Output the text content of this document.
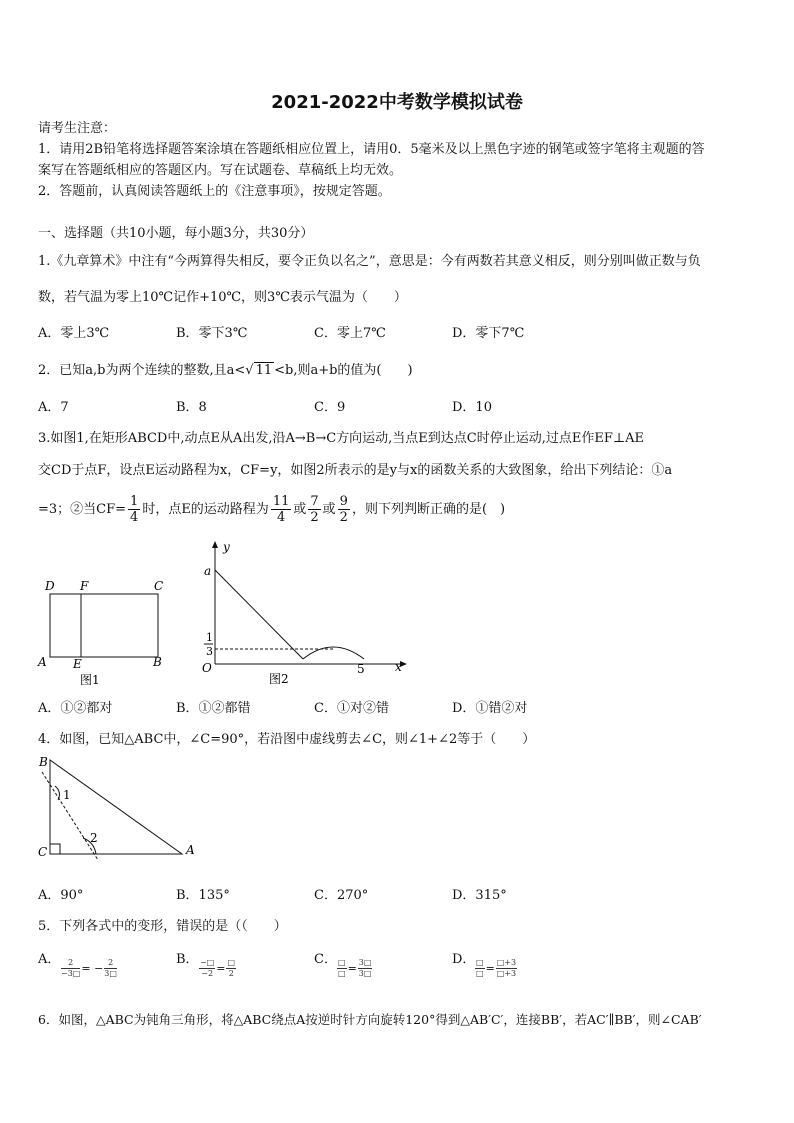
2021-2022中考数学模拟试卷
请考生注意：
1．请用2B铅笔将选择题答案涂填在答题纸相应位置上，请用0．5毫米及以上黑色字迹的钢笔或签字笔将主观题的答
案写在答题纸相应的答题区内。写在试题卷、草稿纸上均无效。
2．答题前，认真阅读答题纸上的《注意事项》，按规定答题。
一、选择题（共10小题，每小题3分，共30分）
1.《九章算术》中注有“今两算得失相反，要令正负以名之”，意思是：今有两数若其意义相反，则分别叫做正数与负
数，若气温为零上10℃记作+10℃，则3℃表示气温为（　　）
A．零上3℃	B．零下3℃	C．零上7℃	D．零下7℃
2．已知a,b为两个连续的整数,且a<√ 11 <b,则a+b的值为(　　)
A．7	B．8	C．9	D．10
3.如图1,在矩形ABCD中,动点E从A出发,沿A→B→C方向运动,当点E到达点C时停止运动,过点E作EF⊥AE
交CD于点F，设点E运动路程为x，CF=y，如图2所表示的是y与x的函数关系的大致图象，给出下列结论：①a
=3；②当$CF= \frac{1}{4}$ 时，点E的运动路程为 $\frac{11}{4}$ 或 $\frac{7}{2}$ 或 $\frac{9}{2}$ ，则下列判断正确的是(　)
D F	C
A E	B
图1
y
a
1
3
O	5	x
图2
A．①②都对	B．①②都错	C．①对②错	D．①错②对
4．如图，已知△ABC中，∠C=90°，若沿图中虚线剪去∠C，则∠1+∠2等于（　　）
B
1
2
C	A
A．90°	B．135°	C．270°	D．315°
5．下列各式中的变形，错误的是（（　　）
A． $\frac{2}{-3□}$ = − $\frac{2}{3□}$	B． −□
−2 = □
2
C． □
□ = $\frac{3□}{3□}$	D． □
□ = $\frac{□+3}{□+3}$
6．如图，△ABC为钝角三角形，将△ABC绕点A按逆时针方向旋转120°得到△AB′C′，连接BB′，若AC′∥BB′，则∠CAB′
